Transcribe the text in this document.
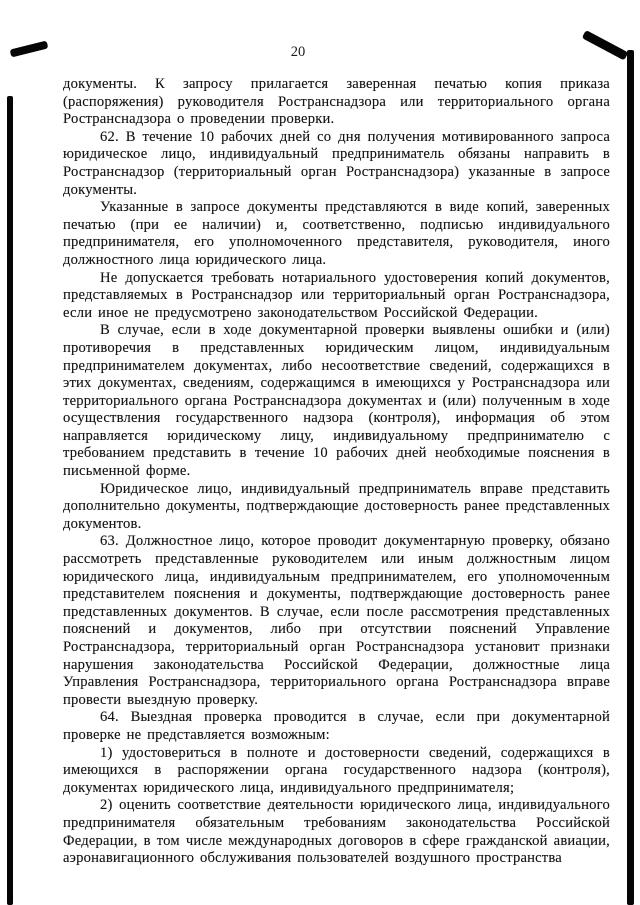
20

документы. К запросу прилагается заверенная печатью копия приказа (распоряжения) руководителя Ространснадзора или территориального органа Ространснадзора о проведении проверки.

62. В течение 10 рабочих дней со дня получения мотивированного запроса юридическое лицо, индивидуальный предприниматель обязаны направить в Ространснадзор (территориальный орган Ространснадзора) указанные в запросе документы.

Указанные в запросе документы представляются в виде копий, заверенных печатью (при ее наличии) и, соответственно, подписью индивидуального предпринимателя, его уполномоченного представителя, руководителя, иного должностного лица юридического лица.

Не допускается требовать нотариального удостоверения копий документов, представляемых в Ространснадзор или территориальный орган Ространснадзора, если иное не предусмотрено законодательством Российской Федерации.

В случае, если в ходе документарной проверки выявлены ошибки и (или) противоречия в представленных юридическим лицом, индивидуальным предпринимателем документах, либо несоответствие сведений, содержащихся в этих документах, сведениям, содержащимся в имеющихся у Ространснадзора или территориального органа Ространснадзора документах и (или) полученным в ходе осуществления государственного надзора (контроля), информация об этом направляется юридическому лицу, индивидуальному предпринимателю с требованием представить в течение 10 рабочих дней необходимые пояснения в письменной форме.

Юридическое лицо, индивидуальный предприниматель вправе представить дополнительно документы, подтверждающие достоверность ранее представленных документов.

63. Должностное лицо, которое проводит документарную проверку, обязано рассмотреть представленные руководителем или иным должностным лицом юридического лица, индивидуальным предпринимателем, его уполномоченным представителем пояснения и документы, подтверждающие достоверность ранее представленных документов. В случае, если после рассмотрения представленных пояснений и документов, либо при отсутствии пояснений Управление Ространснадзора, территориальный орган Ространснадзора установит признаки нарушения законодательства Российской Федерации, должностные лица Управления Ространснадзора, территориального органа Ространснадзора вправе провести выездную проверку.

64. Выездная проверка проводится в случае, если при документарной проверке не представляется возможным:

1) удостовериться в полноте и достоверности сведений, содержащихся в имеющихся в распоряжении органа государственного надзора (контроля), документах юридического лица, индивидуального предпринимателя;

2) оценить соответствие деятельности юридического лица, индивидуального предпринимателя обязательным требованиям законодательства Российской Федерации, в том числе международных договоров в сфере гражданской авиации, аэронавигационного обслуживания пользователей воздушного пространства
